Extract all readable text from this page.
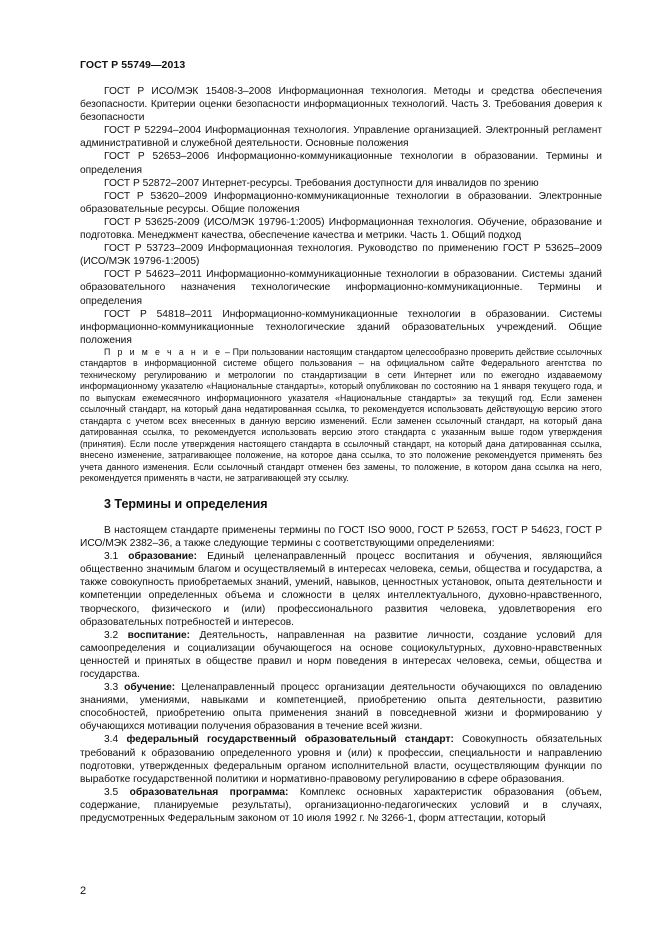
ГОСТ Р 55749—2013

ГОСТ Р ИСО/МЭК 15408-3–2008 Информационная технология. Методы и средства обеспечения безопасности. Критерии оценки безопасности информационных технологий. Часть 3. Требования доверия к безопасности

ГОСТ Р 52294–2004 Информационная технология. Управление организацией. Электронный регламент административной и служебной деятельности. Основные положения

ГОСТ Р 52653–2006 Информационно-коммуникационные технологии в образовании. Термины и определения

ГОСТ Р 52872–2007 Интернет-ресурсы. Требования доступности для инвалидов по зрению

ГОСТ Р 53620–2009 Информационно-коммуникационные технологии в образовании. Электронные образовательные ресурсы. Общие положения

ГОСТ Р 53625-2009 (ИСО/МЭК 19796-1:2005) Информационная технология. Обучение, образование и подготовка. Менеджмент качества, обеспечение качества и метрики. Часть 1. Общий подход

ГОСТ Р 53723–2009 Информационная технология. Руководство по применению ГОСТ Р 53625–2009 (ИСО/МЭК 19796-1:2005)

ГОСТ Р 54623–2011 Информационно-коммуникационные технологии в образовании. Системы зданий образовательного назначения технологические информационно-коммуникационные. Термины и определения

ГОСТ Р 54818–2011 Информационно-коммуникационные технологии в образовании. Системы информационно-коммуникационные технологические зданий образовательных учреждений. Общие положения

П р и м е ч а н и е – При пользовании настоящим стандартом целесообразно проверить действие ссылочных стандартов в информационной системе общего пользования – на официальном сайте Федерального агентства по техническому регулированию и метрологии по стандартизации в сети Интернет или по ежегодно издаваемому информационному указателю «Национальные стандарты», который опубликован по состоянию на 1 января текущего года, и по выпускам ежемесячного информационного указателя «Национальные стандарты» за текущий год. Если заменен ссылочный стандарт, на который дана недатированная ссылка, то рекомендуется использовать действующую версию этого стандарта с учетом всех внесенных в данную версию изменений. Если заменен ссылочный стандарт, на который дана датированная ссылка, то рекомендуется использовать версию этого стандарта с указанным выше годом утверждения (принятия). Если после утверждения настоящего стандарта в ссылочный стандарт, на который дана датированная ссылка, внесено изменение, затрагивающее положение, на которое дана ссылка, то это положение рекомендуется применять без учета данного изменения. Если ссылочный стандарт отменен без замены, то положение, в котором дана ссылка на него, рекомендуется применять в части, не затрагивающей эту ссылку.

3 Термины и определения

В настоящем стандарте применены термины по ГОСТ ISO 9000, ГОСТ Р 52653, ГОСТ Р 54623, ГОСТ Р ИСО/МЭК 2382–36, а также следующие термины с соответствующими определениями:

3.1 образование: Единый целенаправленный процесс воспитания и обучения, являющийся общественно значимым благом и осуществляемый в интересах человека, семьи, общества и государства, а также совокупность приобретаемых знаний, умений, навыков, ценностных установок, опыта деятельности и компетенции определенных объема и сложности в целях интеллектуального, духовно-нравственного, творческого, физического и (или) профессионального развития человека, удовлетворения его образовательных потребностей и интересов.

3.2 воспитание: Деятельность, направленная на развитие личности, создание условий для самоопределения и социализации обучающегося на основе социокультурных, духовно-нравственных ценностей и принятых в обществе правил и норм поведения в интересах человека, семьи, общества и государства.

3.3 обучение: Целенаправленный процесс организации деятельности обучающихся по овладению знаниями, умениями, навыками и компетенцией, приобретению опыта деятельности, развитию способностей, приобретению опыта применения знаний в повседневной жизни и формированию у обучающихся мотивации получения образования в течение всей жизни.

3.4 федеральный государственный образовательный стандарт: Совокупность обязательных требований к образованию определенного уровня и (или) к профессии, специальности и направлению подготовки, утвержденных федеральным органом исполнительной власти, осуществляющим функции по выработке государственной политики и нормативно-правовому регулированию в сфере образования.

3.5 образовательная программа: Комплекс основных характеристик образования (объем, содержание, планируемые результаты), организационно-педагогических условий и в случаях, предусмотренных Федеральным законом от 10 июля 1992 г. № 3266-1, форм аттестации, который

2
